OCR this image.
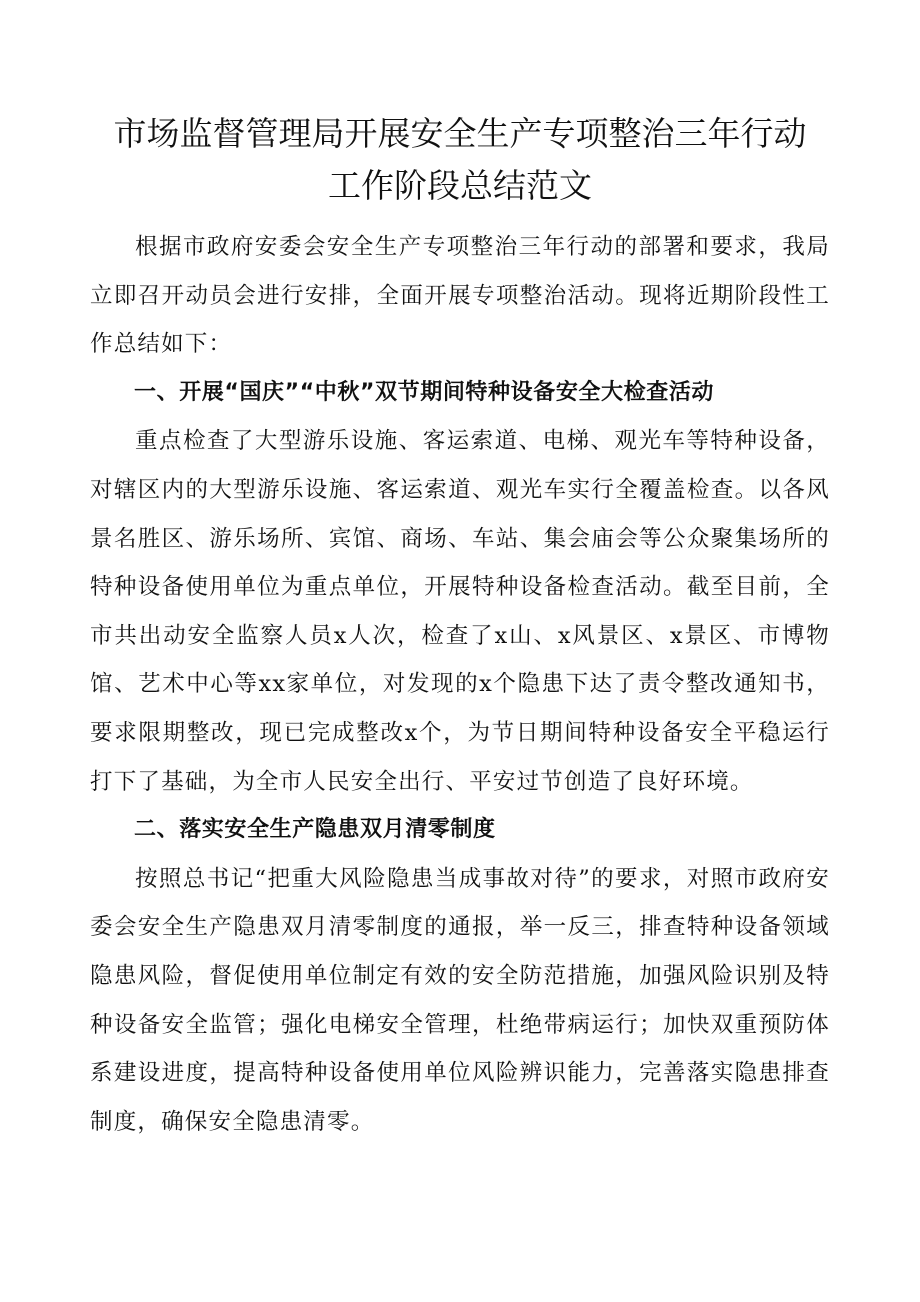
市场监督管理局开展安全生产专项整治三年行动
工作阶段总结范文

根据市政府安委会安全生产专项整治三年行动的部署和要求，我局立即召开动员会进行安排，全面开展专项整治活动。现将近期阶段性工作总结如下：

一、开展“国庆”“中秋”双节期间特种设备安全大检查活动

重点检查了大型游乐设施、客运索道、电梯、观光车等特种设备，对辖区内的大型游乐设施、客运索道、观光车实行全覆盖检查。以各风景名胜区、游乐场所、宾馆、商场、车站、集会庙会等公众聚集场所的特种设备使用单位为重点单位，开展特种设备检查活动。截至目前，全市共出动安全监察人员x人次，检查了x山、x风景区、x景区、市博物馆、艺术中心等xx家单位，对发现的x个隐患下达了责令整改通知书，要求限期整改，现已完成整改x个，为节日期间特种设备安全平稳运行打下了基础，为全市人民安全出行、平安过节创造了良好环境。

二、落实安全生产隐患双月清零制度

按照总书记“把重大风险隐患当成事故对待”的要求，对照市政府安委会安全生产隐患双月清零制度的通报，举一反三，排查特种设备领域隐患风险，督促使用单位制定有效的安全防范措施，加强风险识别及特种设备安全监管；强化电梯安全管理，杜绝带病运行；加快双重预防体系建设进度，提高特种设备使用单位风险辨识能力，完善落实隐患排查制度，确保安全隐患清零。
